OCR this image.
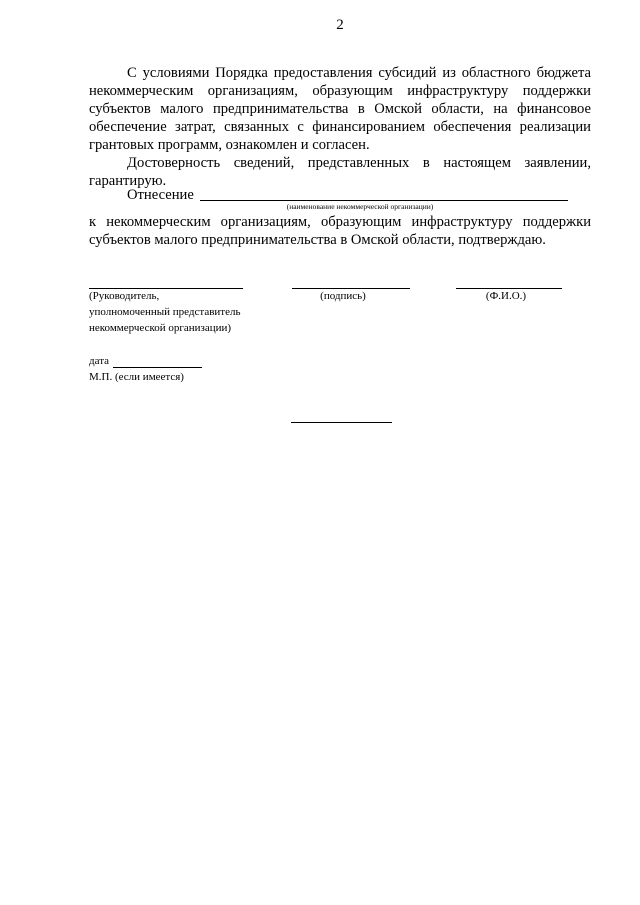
2
С условиями Порядка предоставления субсидий из областного бюджета
некоммерческим организациям, образующим инфраструктуру поддержки
субъектов малого предпринимательства в Омской области, на финансовое
обеспечение затрат, связанных с финансированием обеспечения реализации
грантовых программ, ознакомлен и согласен.
Достоверность сведений, представленных в настоящем заявлении,
гарантирую.
Отнесение
(наименование некоммерческой организации)
к некоммерческим организациям, образующим инфраструктуру поддержки
субъектов малого предпринимательства в Омской области, подтверждаю.
(Руководитель,
уполномоченный представитель
некоммерческой организации)
(подпись)	(Ф.И.О.)
дата
М.П. (если имеется)
